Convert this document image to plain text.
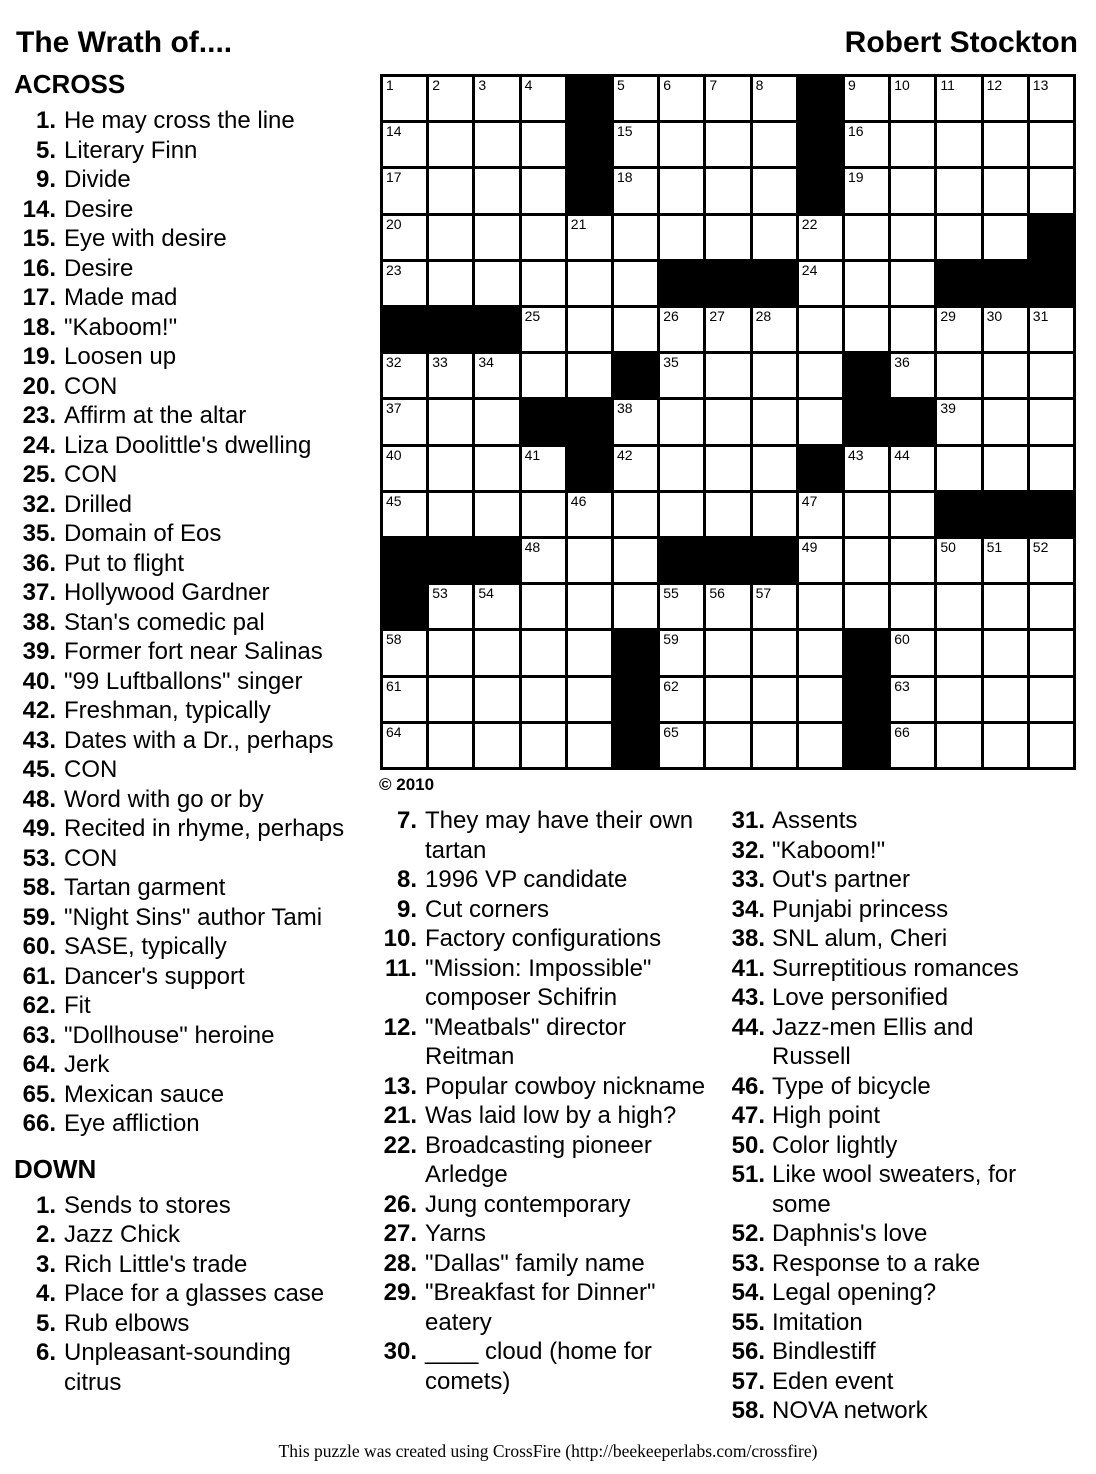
The Wrath of....	Robert Stockton
ACROSS
1. He may cross the line
5. Literary Finn
9. Divide
14. Desire
15. Eye with desire
16. Desire
17. Made mad
18. "Kaboom!"
19. Loosen up
20. CON
23. Affirm at the altar
24. Liza Doolittle's dwelling
25. CON
32. Drilled
35. Domain of Eos
36. Put to flight
37. Hollywood Gardner
38. Stan's comedic pal
39. Former fort near Salinas
40. "99 Luftballons" singer
42. Freshman, typically
43. Dates with a Dr., perhaps
45. CON
48. Word with go or by
49. Recited in rhyme, perhaps
53. CON
58. Tartan garment
59. "Night Sins" author Tami
60. SASE, typically
61. Dancer's support
62. Fit
63. "Dollhouse" heroine
64. Jerk
65. Mexican sauce
66. Eye affliction
DOWN
1. Sends to stores
2. Jazz Chick
3. Rich Little's trade
4. Place for a glasses case
5. Rub elbows
6. Unpleasant-sounding citrus
1	2	3	4	5	6	7	8	9	10 11 12 13
14	15	16
17	18	19
20	21	22
23	24
25	26 27 28	29 30 31
32 33 34	35	36
37	38	39
40	41	42	43 44
45	46	47
48	49	50 51 52
53 54	55 56 57
58	59	60
61	62	63
64	65	66
© 2010
7. They may have their own tartan
8. 1996 VP candidate
9. Cut corners
10. Factory configurations
11. "Mission: Impossible" composer Schifrin
12. "Meatbals" director Reitman
13. Popular cowboy nickname
21. Was laid low by a high?
22. Broadcasting pioneer Arledge
26. Jung contemporary
27. Yarns
28. "Dallas" family name
29. "Breakfast for Dinner" eatery
30. ____ cloud (home for comets)
31. Assents
32. "Kaboom!"
33. Out's partner
34. Punjabi princess
38. SNL alum, Cheri
41. Surreptitious romances
43. Love personified
44. Jazz-men Ellis and Russell
46. Type of bicycle
47. High point
50. Color lightly
51. Like wool sweaters, for some
52. Daphnis's love
53. Response to a rake
54. Legal opening?
55. Imitation
56. Bindlestiff
57. Eden event
58. NOVA network
This puzzle was created using CrossFire (http://beekeeperlabs.com/crossfire)
